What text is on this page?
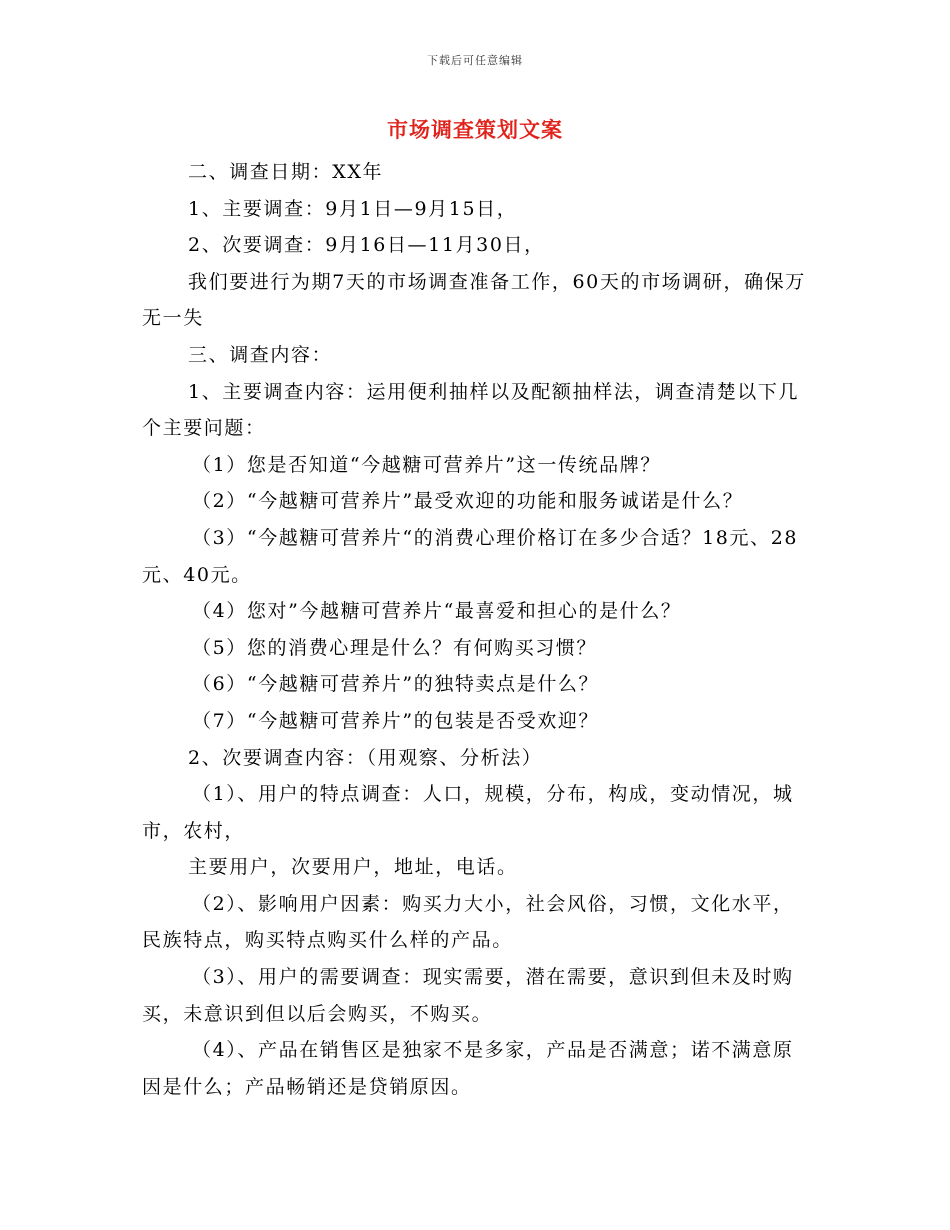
下载后可任意编辑
市场调查策划文案

二、调查日期：XX年

1、主要调查：9月1日—9月15日，

2、次要调查：9月16日—11月30日，

我们要进行为期7天的市场调查准备工作，60天的市场调研，确保万无一失

三、调查内容：

1、主要调查内容：运用便利抽样以及配额抽样法，调查清楚以下几个主要问题：

（1）您是否知道“今越糖可营养片”这一传统品牌？

（2）“今越糖可营养片”最受欢迎的功能和服务诚诺是什么？

（3）“今越糖可营养片“的消费心理价格订在多少合适？18元、28元、40元。

（4）您对”今越糖可营养片“最喜爱和担心的是什么？

（5）您的消费心理是什么？有何购买习惯？

（6）“今越糖可营养片”的独特卖点是什么？

（7）“今越糖可营养片”的包装是否受欢迎？

2、次要调查内容：（用观察、分析法）

（1）、用户的特点调查：人口，规模，分布，构成，变动情况，城市，农村，

主要用户，次要用户，地址，电话。

（2）、影响用户因素：购买力大小，社会风俗，习惯，文化水平，民族特点，购买特点购买什么样的产品。

（3）、用户的需要调查：现实需要，潜在需要，意识到但未及时购买，未意识到但以后会购买，不购买。

（4）、产品在销售区是独家不是多家，产品是否满意；诺不满意原因是什么；产品畅销还是贷销原因。
